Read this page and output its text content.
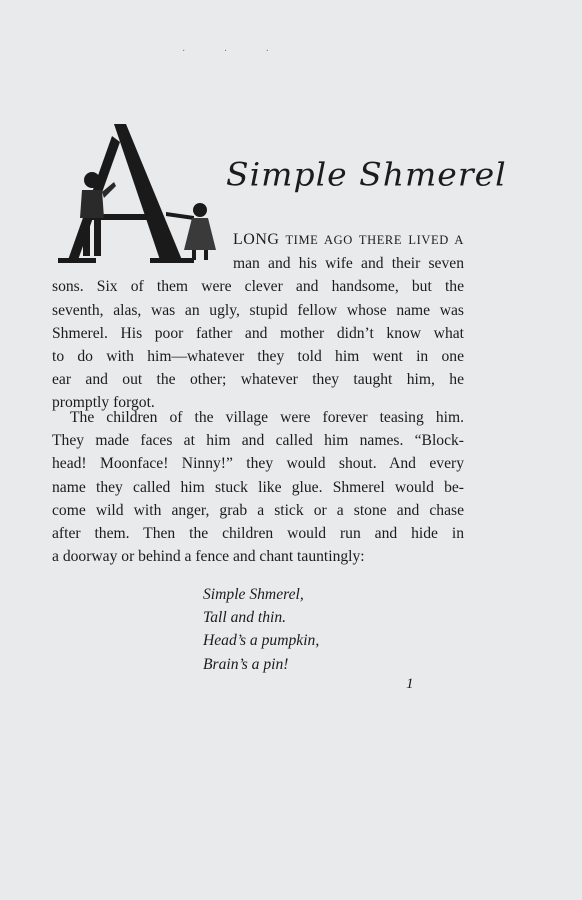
· · ·
Simple Shmerel
LONG TIME AGO THERE LIVED A
man and his wife and their seven
sons. Six of them were clever and handsome, but the
seventh, alas, was an ugly, stupid fellow whose name was
Shmerel. His poor father and mother didn’t know what
to do with him—whatever they told him went in one
ear and out the other; whatever they taught him, he
promptly forgot.
The children of the village were forever teasing him.
They made faces at him and called him names. “Block-
head! Moonface! Ninny!” they would shout. And every
name they called him stuck like glue. Shmerel would be-
come wild with anger, grab a stick or a stone and chase
after them. Then the children would run and hide in
a doorway or behind a fence and chant tauntingly:
Simple Shmerel,
Tall and thin.
Head’s a pumpkin,
Brain’s a pin!
1
